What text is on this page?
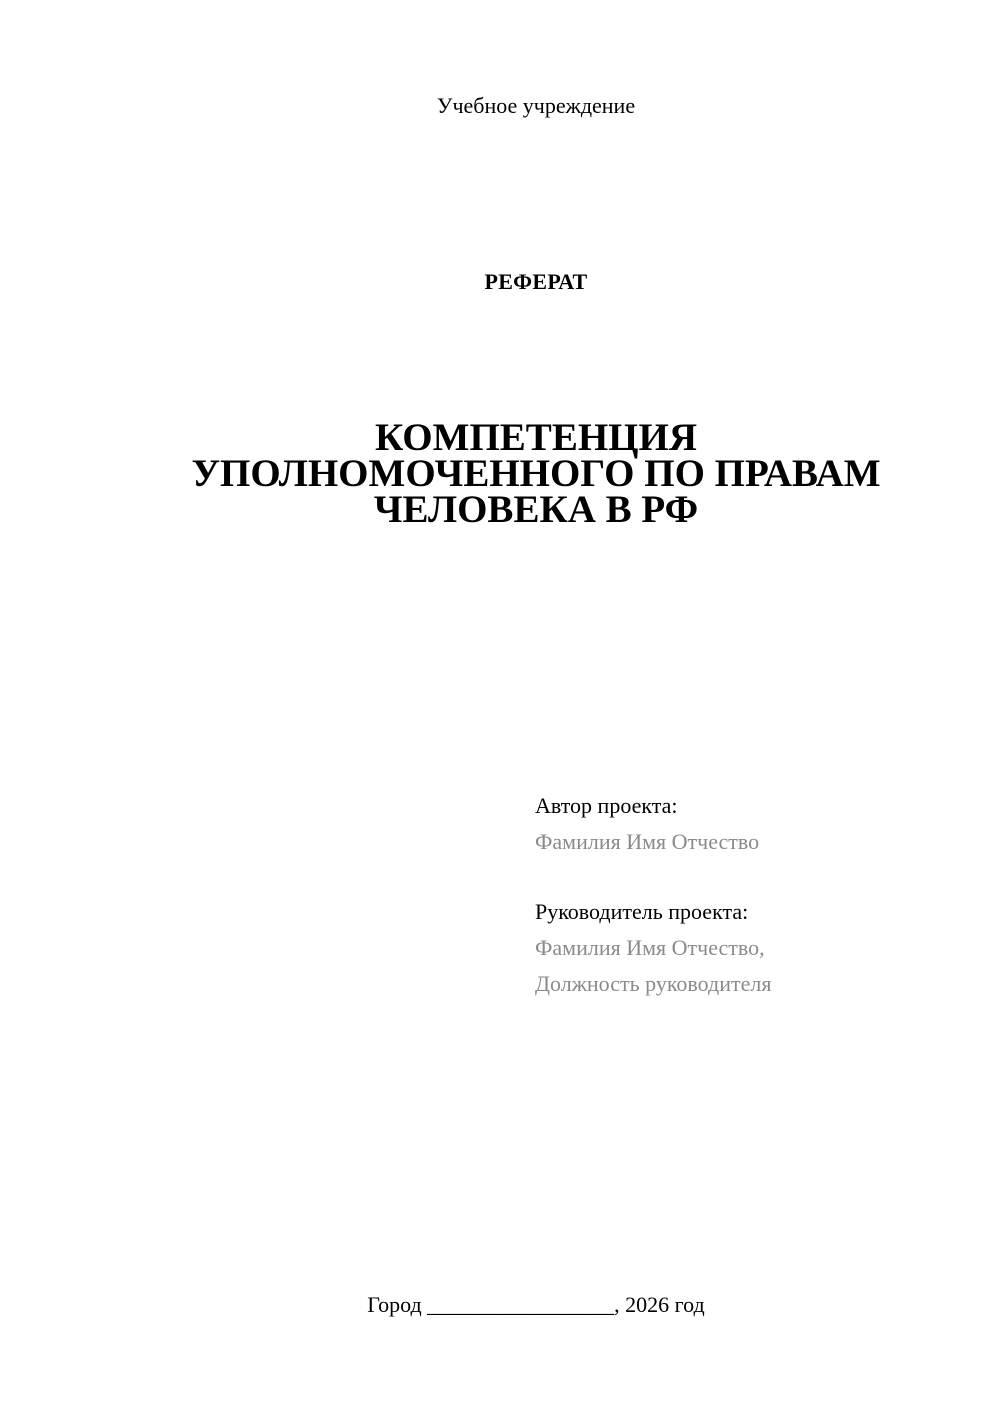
Учебное учреждение
РЕФЕРАТ
КОМПЕТЕНЦИЯ
УПОЛНОМОЧЕННОГО ПО ПРАВАМ
ЧЕЛОВЕКА В РФ
Автор проекта:
Фамилия Имя Отчество
Руководитель проекта:
Фамилия Имя Отчество,
Должность руководителя
Город _________________, 2026 год
